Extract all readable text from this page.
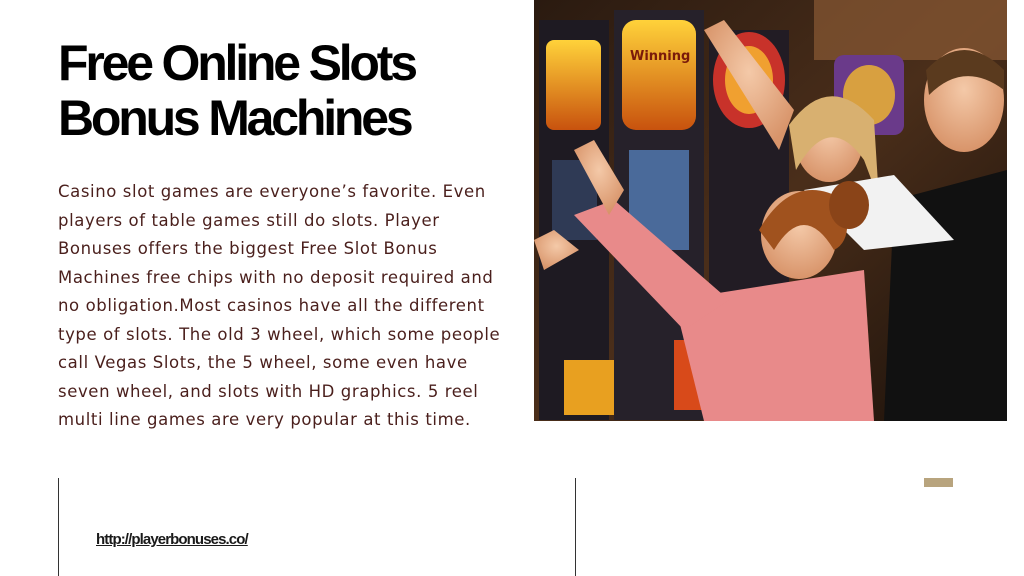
Free Online Slots
Bonus Machines

Casino slot games are everyone’s favorite. Even players of table games still do slots. Player Bonuses offers the biggest Free Slot Bonus Machines free chips with no deposit required and no obligation.Most casinos have all the different type of slots. The old 3 wheel, which some people call Vegas Slots, the 5 wheel, some even have seven wheel, and slots with HD graphics. 5 reel multi line games are very popular at this time.

Winning
http://playerbonuses.co/
